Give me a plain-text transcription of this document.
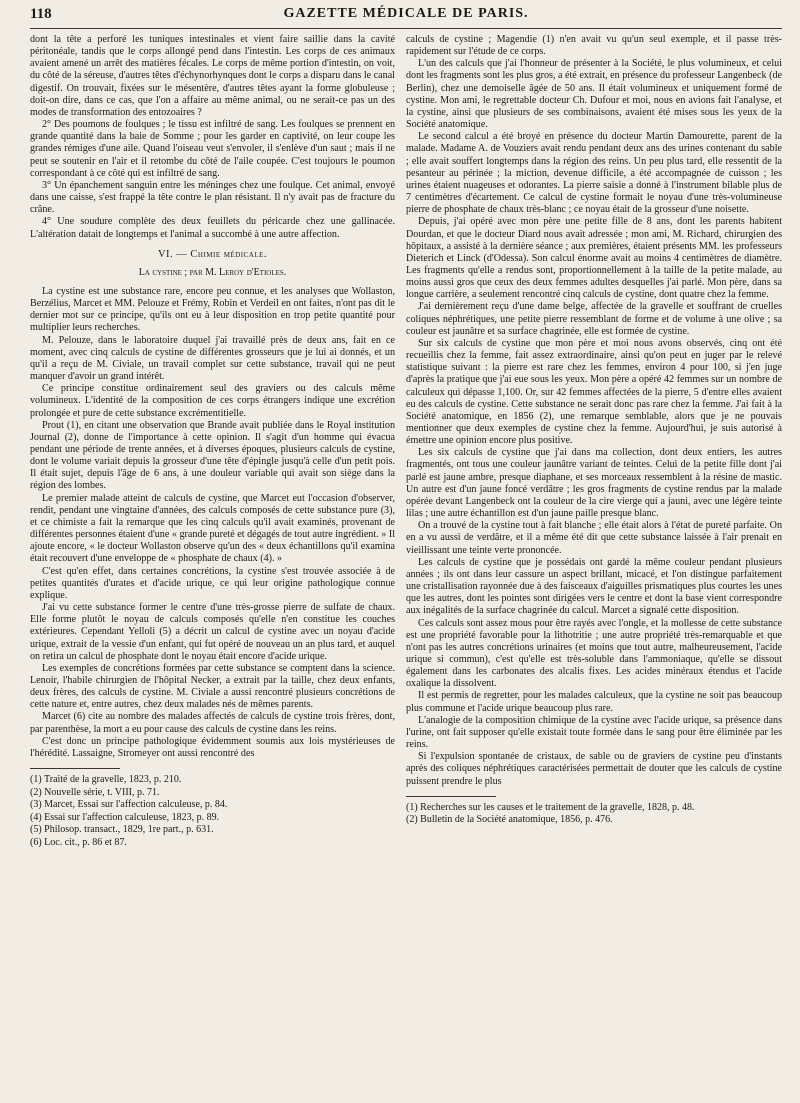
118	GAZETTE MÉDICALE DE PARIS.

dont la tête a perforé les tuniques intestinales et vient faire saillie dans la cavité péritonéale, tandis que le corps allongé pend dans l'intestin. Les corps de ces animaux avaient amené un arrêt des matières fécales. Le corps de même portion d'intestin, on voit, du côté de la séreuse, d'autres têtes d'échynorhynques dont le corps a disparu dans le canal digestif. On trouvait, fixées sur le mésentère, d'autres têtes ayant la forme globuleuse ; doit-on dire, dans ce cas, que l'on a affaire au même animal, ou ne serait-ce pas un des modes de transformation des entozoaires ?

2° Des poumons de foulques ; le tissu est infiltré de sang. Les foulques se prennent en grande quantité dans la baie de Somme ; pour les garder en captivité, on leur coupe les grandes rémiges d'une aile. Quand l'oiseau veut s'envoler, il s'enlève d'un saut ; mais il ne peut se soutenir en l'air et il retombe du côté de l'aile coupée. C'est toujours le poumon correspondant à ce côté qui est infiltré de sang.

3° Un épanchement sanguin entre les méninges chez une foulque. Cet animal, envoyé dans une caisse, s'est frappé la tête contre le plan résistant. Il n'y avait pas de fracture du crâne.

4° Une soudure complète des deux feuillets du péricarde chez une gallinacée. L'altération datait de longtemps et l'animal a succombé à une autre affection.

VI. — Chimie médicale.
La cystine ; par M. Leroy d'Etioles.

La cystine est une substance rare, encore peu connue, et les analyses que Wollaston, Berzélius, Marcet et MM. Pelouze et Frémy, Robin et Verdeil en ont faites, n'ont pas dit le dernier mot sur ce principe, qu'ils ont eu à leur disposition en trop petite quantité pour multiplier leurs recherches.

M. Pelouze, dans le laboratoire duquel j'ai travaillé près de deux ans, fait en ce moment, avec cinq calculs de cystine de différentes grosseurs que je lui ai donnés, et un qu'il a reçu de M. Civiale, un travail complet sur cette substance, travail qui ne peut manquer d'avoir un grand intérêt.

Ce principe constitue ordinairement seul des graviers ou des calculs même volumineux. L'identité de la composition de ces corps étrangers indique une excrétion prolongée et pure de cette substance excrémentitielle.

Prout (1), en citant une observation que Brande avait publiée dans le Royal institution Journal (2), donne de l'importance à cette opinion. Il s'agit d'un homme qui évacua pendant une période de trente années, et à diverses époques, plusieurs calculs de cystine, dont le volume variait depuis la grosseur d'une tête d'épingle jusqu'à celle d'un petit pois. Il était sujet, depuis l'âge de 6 ans, à une douleur variable qui avait son siège dans la région des lombes.

Le premier malade atteint de calculs de cystine, que Marcet eut l'occasion d'observer, rendit, pendant une vingtaine d'années, des calculs composés de cette substance pure (3), et ce chimiste a fait la remarque que les cinq calculs qu'il avait examinés, provenant de différentes personnes étaient d'une « grande pureté et dégagés de tout autre ingrédient. » Il ajoute encore, « le docteur Wollaston observe qu'un des « deux échantillons qu'il examina était recouvert d'une enveloppe de « phosphate de chaux (4). »

C'est qu'en effet, dans certaines concrétions, la cystine s'est trouvée associée à de petites quantités d'urates et d'acide urique, ce qui leur origine pathologique connue explique.

J'ai vu cette substance former le centre d'une très-grosse pierre de sulfate de chaux. Elle forme plutôt le noyau de calculs composés qu'elle n'en constitue les couches extérieures. Cependant Yelloli (5) a décrit un calcul de cystine avec un noyau d'acide urique, extrait de la vessie d'un enfant, qui fut opéré de nouveau un an plus tard, et auquel on retira un calcul de phosphate dont le noyau était encore d'acide urique.

Les exemples de concrétions formées par cette substance se comptent dans la science. Lenoir, l'habile chirurgien de l'hôpital Necker, a extrait par la taille, chez deux enfants, deux frères, des calculs de cystine. M. Civiale a aussi rencontré plusieurs concrétions de cette nature et, entre autres, chez deux malades nés de mêmes parents.

Marcet (6) cite au nombre des malades affectés de calculs de cystine trois frères, dont, par parenthèse, la mort a eu pour cause des calculs de cystine dans les reins.

C'est donc un principe pathologique évidemment soumis aux lois mystérieuses de l'hérédité. Lassaigne, Stromeyer ont aussi rencontré des

(1) Traité de la gravelle, 1823, p. 210.

(2) Nouvelle série, t. VIII, p. 71.

(3) Marcet, Essai sur l'affection calculeuse, p. 84.

(4) Essai sur l'affection calculeuse, 1823, p. 89.

(5) Philosop. transact., 1829, 1re part., p. 631.

(6) Loc. cit., p. 86 et 87.

calculs de cystine ; Magendie (1) n'en avait vu qu'un seul exemple, et il passe très-rapidement sur l'étude de ce corps.

L'un des calculs que j'ai l'honneur de présenter à la Société, le plus volumineux, et celui dont les fragments sont les plus gros, a été extrait, en présence du professeur Langenbeck (de Berlin), chez une demoiselle âgée de 50 ans. Il était volumineux et uniquement formé de cystine. Mon ami, le regrettable docteur Ch. Dufour et moi, nous en avions fait l'analyse, et la cystine, ainsi que plusieurs de ses combinaisons, avaient été mises sous les yeux de la Société anatomique.

Le second calcul a été broyé en présence du docteur Martin Damourette, parent de la malade. Madame A. de Vouziers avait rendu pendant deux ans des urines contenant du sable ; elle avait souffert longtemps dans la région des reins. Un peu plus tard, elle ressentit de la pesanteur au périnée ; la miction, devenue difficile, a été accompagnée de cuisson ; les urines étaient nuageuses et odorantes. La pierre saisie a donné à l'instrument bilable plus de 7 centimètres d'écartement. Ce calcul de cystine formait le noyau d'une très-volumineuse pierre de phosphate de chaux très-blanc ; ce noyau était de la grosseur d'une noisette.

Depuis, j'ai opéré avec mon père une petite fille de 8 ans, dont les parents habitent Dourdan, et que le docteur Diard nous avait adressée ; mon ami, M. Richard, chirurgien des hôpitaux, a assisté à la dernière séance ; aux premières, étaient présents MM. les professeurs Dieterich et Linck (d'Odessa). Son calcul énorme avait au moins 4 centimètres de diamètre. Les fragments qu'elle a rendus sont, proportionnellement à la taille de la petite malade, au moins aussi gros que ceux des deux femmes adultes desquelles j'ai parlé. Mon père, dans sa longue carrière, a seulement rencontré cinq calculs de cystine, dont quatre chez la femme.

J'ai dernièrement reçu d'une dame belge, affectée de la gravelle et souffrant de cruelles coliques néphrétiques, une petite pierre ressemblant de forme et de volume à une olive ; sa couleur est jaunâtre et sa surface chagrinée, elle est formée de cystine.

Sur six calculs de cystine que mon père et moi nous avons observés, cinq ont été recueillis chez la femme, fait assez extraordinaire, ainsi qu'on peut en juger par le relevé statistique suivant : la pierre est rare chez les femmes, environ 4 pour 100, si j'en juge d'après la pratique que j'ai eue sous les yeux. Mon père a opéré 42 femmes sur un nombre de calculeux qui dépasse 1,100. Or, sur 42 femmes affectées de la pierre, 5 d'entre elles avaient eu des calculs de cystine. Cette substance ne serait donc pas rare chez la femme. J'ai fait à la Société anatomique, en 1856 (2), une remarque semblable, alors que je ne pouvais mentionner que deux exemples de cystine chez la femme. Aujourd'hui, je suis autorisé à émettre une opinion encore plus positive.

Les six calculs de cystine que j'ai dans ma collection, dont deux entiers, les autres fragmentés, ont tous une couleur jaunâtre variant de teintes. Celui de la petite fille dont j'ai parlé est jaune ambre, presque diaphane, et ses morceaux ressemblent à la résine de mastic. Un autre est d'un jaune foncé verdâtre ; les gros fragments de cystine rendus par la malade opérée devant Langenbeck ont la couleur de la cire vierge qui a jauni, avec une légère teinte lilas ; une autre échantillon est d'un jaune paille presque blanc.

On a trouvé de la cystine tout à fait blanche ; elle était alors à l'état de pureté parfaite. On en a vu aussi de verdâtre, et il a même été dit que cette substance laissée à l'air prenait en vieillissant une teinte verte prononcée.

Les calculs de cystine que je possédais ont gardé la même couleur pendant plusieurs années ; ils ont dans leur cassure un aspect brillant, micacé, et l'on distingue parfaitement une cristallisation rayonnée due à des faisceaux d'aiguilles prismatiques plus courtes les unes que les autres, dont les pointes sont dirigées vers le centre et dont la base vient correspondre aux inégalités de la surface chagrinée du calcul. Marcet a signalé cette disposition.

Ces calculs sont assez mous pour être rayés avec l'ongle, et la mollesse de cette substance est une propriété favorable pour la lithotritie ; une autre propriété très-remarquable et que n'ont pas les autres concrétions urinaires (et moins que tout autre, malheureusement, l'acide urique si commun), c'est qu'elle est très-soluble dans l'ammoniaque, qu'elle se dissout également dans les carbonates des alcalis fixes. Les acides minéraux étendus et l'acide oxalique la dissolvent.

Il est permis de regretter, pour les malades calculeux, que la cystine ne soit pas beaucoup plus commune et l'acide urique beaucoup plus rare.

L'analogie de la composition chimique de la cystine avec l'acide urique, sa présence dans l'urine, ont fait supposer qu'elle existait toute formée dans le sang pour être éliminée par les reins.

Si l'expulsion spontanée de cristaux, de sable ou de graviers de cystine peu d'instants après des coliques néphrétiques caractérisées permettait de douter que les calculs de cystine puissent prendre le plus

(1) Recherches sur les causes et le traitement de la gravelle, 1828, p. 48.

(2) Bulletin de la Société anatomique, 1856, p. 476.
